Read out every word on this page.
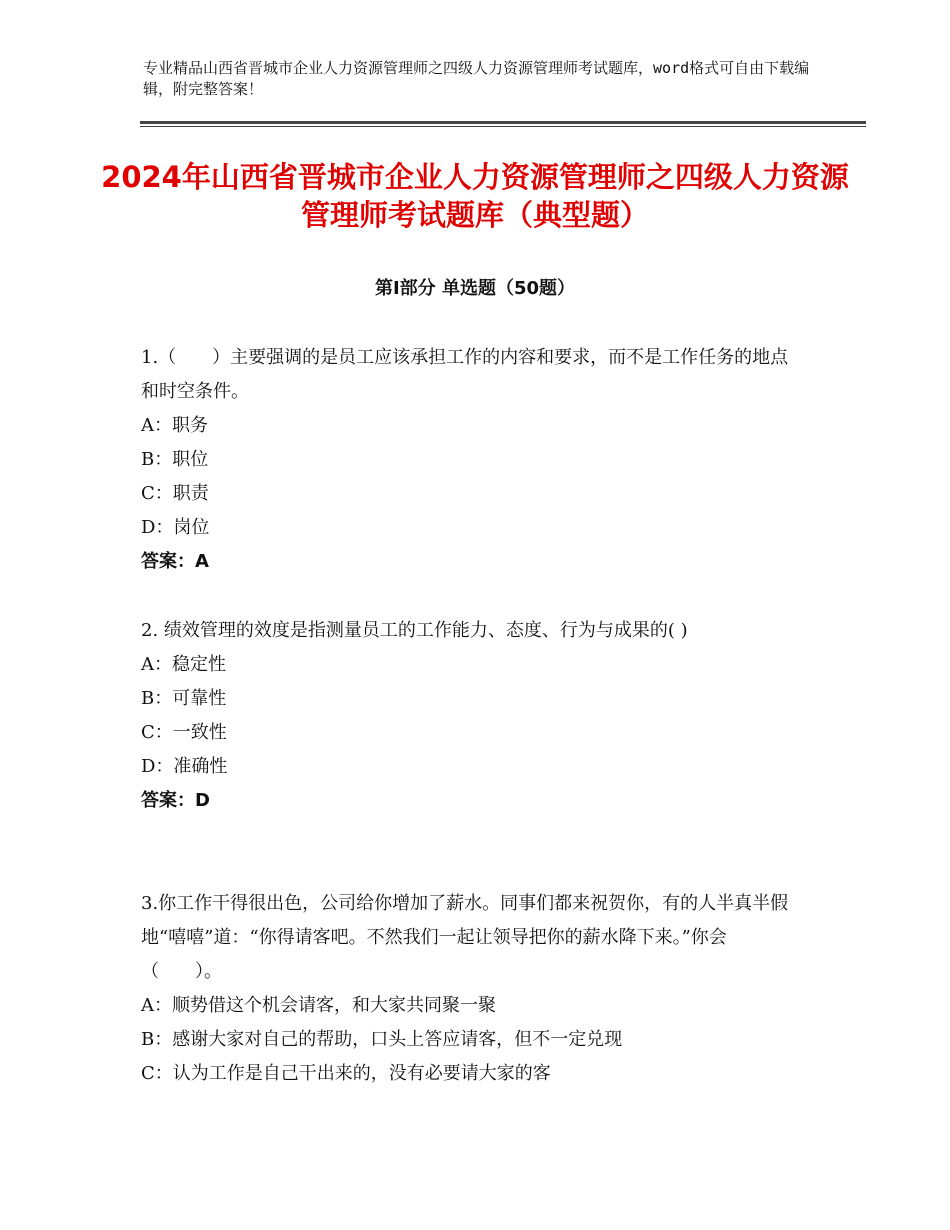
专业精品山西省晋城市企业人力资源管理师之四级人力资源管理师考试题库，word格式可自由下载编辑，附完整答案！
2024年山西省晋城市企业人力资源管理师之四级人力资源管理师考试题库（典型题）
第Ⅰ部分 单选题（50题）

1.（　　）主要强调的是员工应该承担工作的内容和要求，而不是工作任务的地点和时空条件。

A：职务

B：职位

C：职责

D：岗位

答案：A

2. 绩效管理的效度是指测量员工的工作能力、态度、行为与成果的( )

A：稳定性

B：可靠性

C：一致性

D：准确性

答案：D

3.你工作干得很出色，公司给你增加了薪水。同事们都来祝贺你，有的人半真半假地“嘻嘻”道：“你得请客吧。不然我们一起让领导把你的薪水降下来。”你会（　　）。

A：顺势借这个机会请客，和大家共同聚一聚

B：感谢大家对自己的帮助，口头上答应请客，但不一定兑现

C：认为工作是自己干出来的，没有必要请大家的客
